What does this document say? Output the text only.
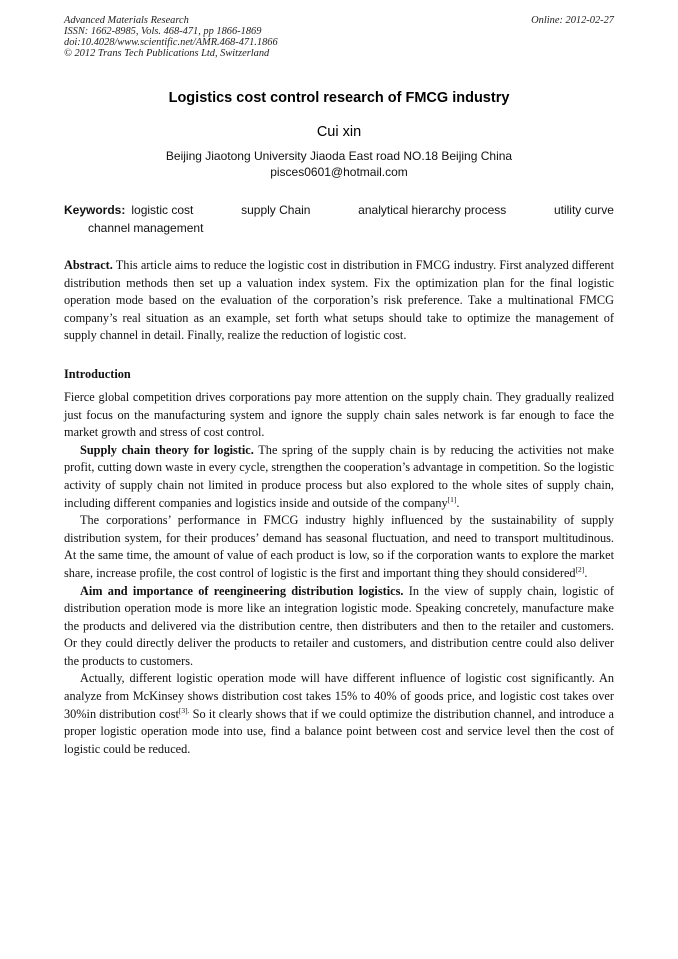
Advanced Materials Research
ISSN: 1662-8985, Vols. 468-471, pp 1866-1869
doi:10.4028/www.scientific.net/AMR.468-471.1866
© 2012 Trans Tech Publications Ltd, Switzerland
Online: 2012-02-27
Logistics cost control research of FMCG industry
Cui xin
Beijing Jiaotong University Jiaoda East road NO.18 Beijing China
pisces0601@hotmail.com
Keywords: logistic cost	supply Chain	analytical hierarchy process	utility curve
channel management
Abstract. This article aims to reduce the logistic cost in distribution in FMCG industry. First analyzed different distribution methods then set up a valuation index system. Fix the optimization plan for the final logistic operation mode based on the evaluation of the corporation’s risk preference. Take a multinational FMCG company’s real situation as an example, set forth what setups should take to optimize the management of supply channel in detail. Finally, realize the reduction of logistic cost.
Introduction
Fierce global competition drives corporations pay more attention on the supply chain. They gradually realized just focus on the manufacturing system and ignore the supply chain sales network is far enough to face the market growth and stress of cost control.
Supply chain theory for logistic. The spring of the supply chain is by reducing the activities not make profit, cutting down waste in every cycle, strengthen the cooperation’s advantage in competition. So the logistic activity of supply chain not limited in produce process but also explored to the whole sites of supply chain, including different companies and logistics inside and outside of the company[1].
The corporations’ performance in FMCG industry highly influenced by the sustainability of supply distribution system, for their produces’ demand has seasonal fluctuation, and need to transport multitudinous. At the same time, the amount of value of each product is low, so if the corporation wants to explore the market share, increase profile, the cost control of logistic is the first and important thing they should considered[2].
Aim and importance of reengineering distribution logistics. In the view of supply chain, logistic of distribution operation mode is more like an integration logistic mode. Speaking concretely, manufacture make the products and delivered via the distribution centre, then distributers and then to the retailer and customers. Or they could directly deliver the products to retailer and customers, and distribution centre could also deliver the products to customers.
Actually, different logistic operation mode will have different influence of logistic cost significantly. An analyze from McKinsey shows distribution cost takes 15% to 40% of goods price, and logistic cost takes over 30%in distribution cost$^{[3].}$ So it clearly shows that if we could optimize the distribution channel, and introduce a proper logistic operation mode into use, find a balance point between cost and service level then the cost of logistic could be reduced.
